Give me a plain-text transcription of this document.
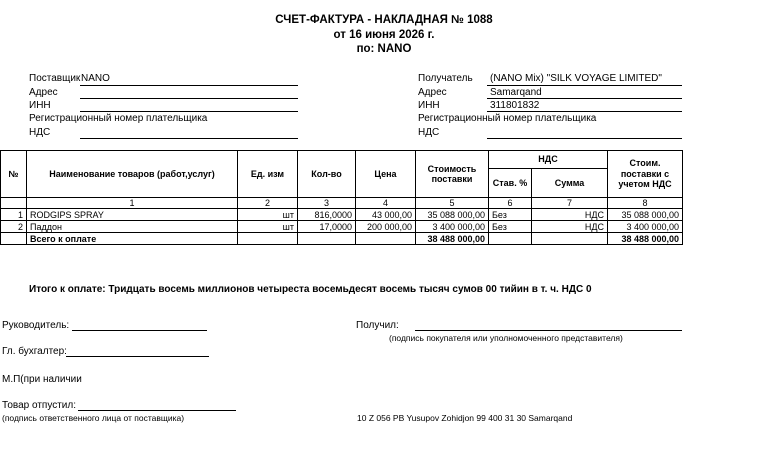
СЧЕТ-ФАКТУРА - НАКЛАДНАЯ № 1088
от 16 июня 2026 г.
по: NANO
Поставщик NANO
Адрес
ИНН
Регистрационный номер плательщика
НДС
Получатель (NANO Mix) "SILK VOYAGE LIMITED"
Адрес	Samarqand
ИНН	311801832
Регистрационный номер плательщика
НДС
№	Наименование товаров (работ,услуг)	Ед. изм	Кол-во	Цена	Стоимость поставки	НДС		Стоим. поставки с учетом НДС
						Став. %	Сумма	
	1	2	3	4	5	6	7	8
1	RODGIPS SPRAY	шт	816,0000	43 000,00	35 088 000,00	Без	НДС	35 088 000,00
2	Паддон	шт	17,0000	200 000,00	3 400 000,00	Без	НДС	3 400 000,00
	Всего к оплате				38 488 000,00			38 488 000,00
Итого к оплате: Тридцать восемь миллионов четыреста восемьдесят восемь тысяч сумов 00 тийин в т. ч. НДС 0
Руководитель:
Гл. бухгалтер:
М.П(при наличии
Товар отпустил:
(подпись ответственного лица от поставщика)
Получил:
(подпись покупателя или уполномоченного представителя)
10 Z 056 PB Yusupov Zohidjon 99 400 31 30 Samarqand
